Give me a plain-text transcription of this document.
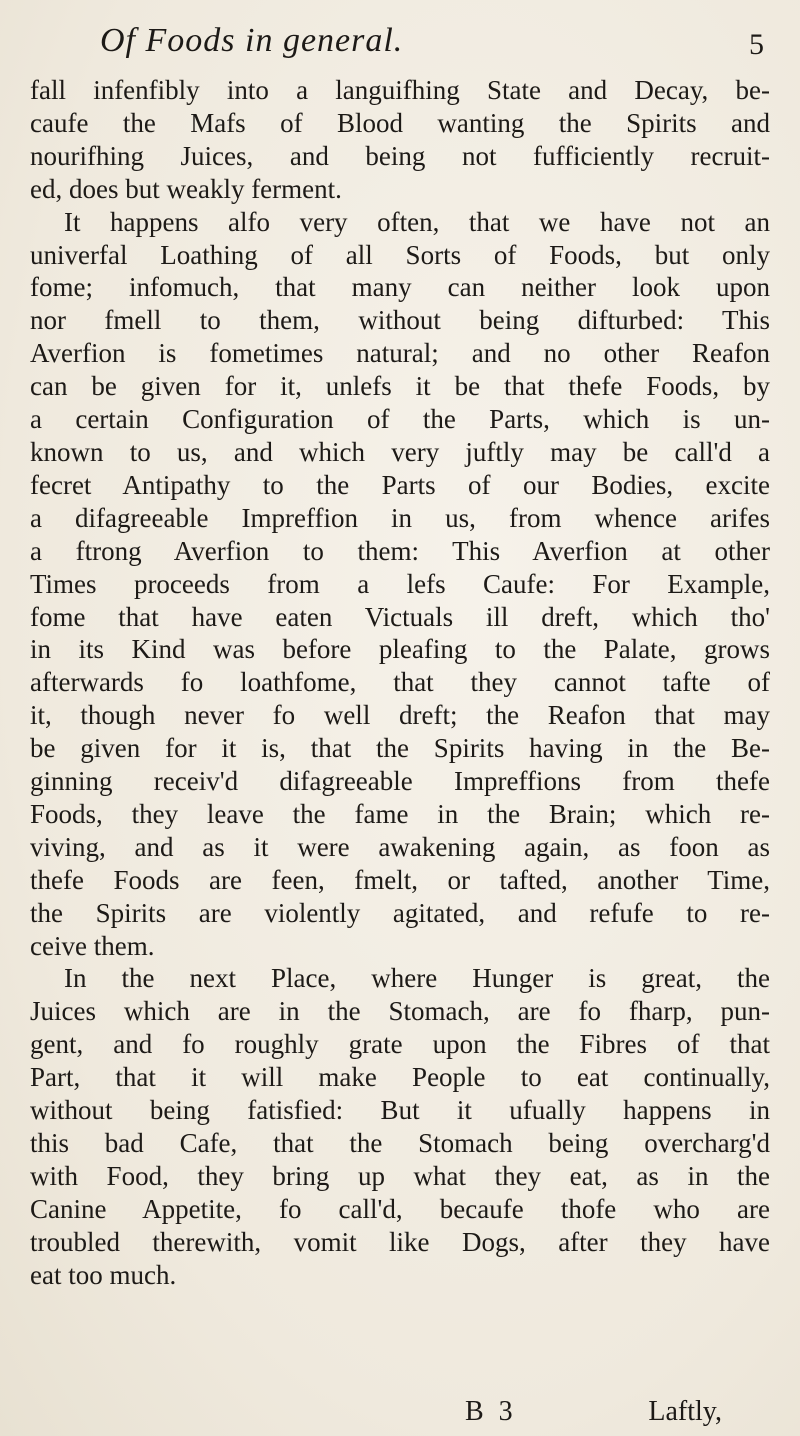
Of Foods in general.	5
fall infenfibly into a languifhing State and Decay, be-
caufe the Mafs of Blood wanting the Spirits and
nourifhing Juices, and being not fufficiently recruit-
ed, does but weakly ferment.
It happens alfo very often, that we have not an
univerfal Loathing of all Sorts of Foods, but only
fome; infomuch, that many can neither look upon
nor fmell to them, without being difturbed: This
Averfion is fometimes natural; and no other Reafon
can be given for it, unlefs it be that thefe Foods, by
a certain Configuration of the Parts, which is un-
known to us, and which very juftly may be call'd a
fecret Antipathy to the Parts of our Bodies, excite
a difagreeable Impreffion in us, from whence arifes
a ftrong Averfion to them: This Averfion at other
Times proceeds from a lefs Caufe: For Example,
fome that have eaten Victuals ill dreft, which tho'
in its Kind was before pleafing to the Palate, grows
afterwards fo loathfome, that they cannot tafte of
it, though never fo well dreft; the Reafon that may
be given for it is, that the Spirits having in the Be-
ginning receiv'd difagreeable Impreffions from thefe
Foods, they leave the fame in the Brain; which re-
viving, and as it were awakening again, as foon as
thefe Foods are feen, fmelt, or tafted, another Time,
the Spirits are violently agitated, and refufe to re-
ceive them.
In the next Place, where Hunger is great, the
Juices which are in the Stomach, are fo fharp, pun-
gent, and fo roughly grate upon the Fibres of that
Part, that it will make People to eat continually,
without being fatisfied: But it ufually happens in
this bad Cafe, that the Stomach being overcharg'd
with Food, they bring up what they eat, as in the
Canine Appetite, fo call'd, becaufe thofe who are
troubled therewith, vomit like Dogs, after they have
eat too much.
B 3	Laftly,
